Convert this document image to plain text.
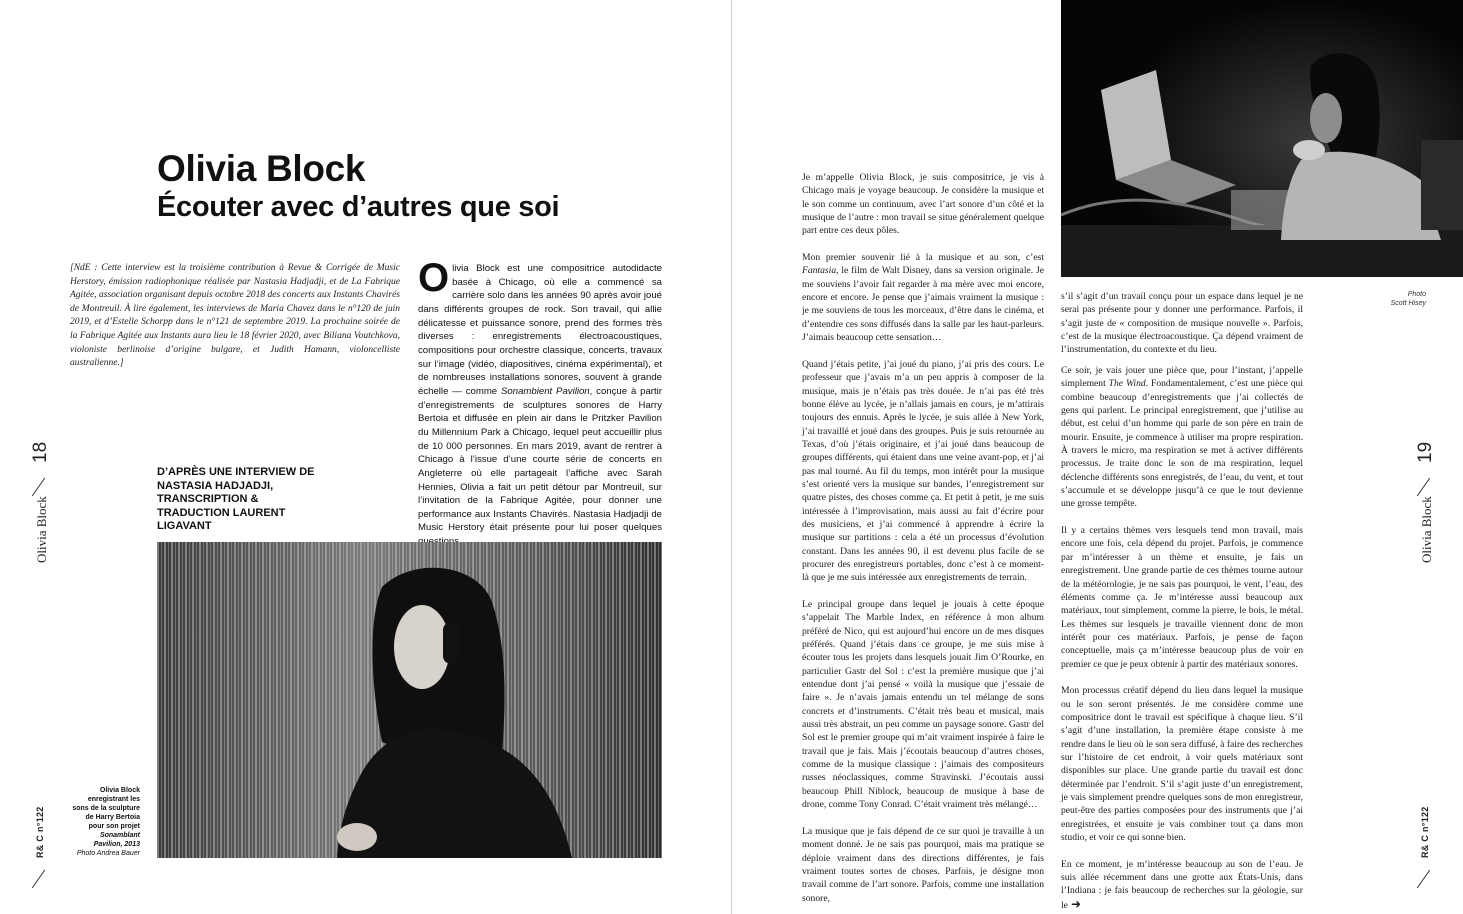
18
Olivia Block
R& C n°122
Olivia Block
Écouter avec d’autres que soi

[NdE : Cette interview est la troisième contribution à Revue & Corrigée de Music Herstory, émission radiophonique réalisée par Nastasia Hadjadji, et de La Fabrique Agitée, association organisant depuis octobre 2018 des concerts aux Instants Chavirés de Montreuil. À lire également, les interviews de Maria Chavez dans le n°120 de juin 2019, et d’Estelle Schorpp dans le n°121 de septembre 2019. La prochaine soirée de la Fabrique Agitée aux Instants aura lieu le 18 février 2020, avec Biliana Voutchkova, violoniste berlinoise d’origine bulgare, et Judith Hamann, violoncelliste australienne.]

Olivia Block est une compositrice autodidacte basée à Chicago, où elle a commencé sa carrière solo dans les années 90 après avoir joué dans différents groupes de rock. Son travail, qui allie délicatesse et puissance sonore, prend des formes très diverses : enregistrements électroacoustiques, compositions pour orchestre classique, concerts, travaux sur l’image (vidéo, diapositives, cinéma expérimental), et de nombreuses installations sonores, souvent à grande échelle — comme Sonambient Pavilion, conçue à partir d’enregistrements de sculptures sonores de Harry Bertoia et diffusée en plein air dans le Pritzker Pavilion du Millennium Park à Chicago, lequel peut accueillir plus de 10 000 personnes. En mars 2019, avant de rentrer à Chicago à l’issue d’une courte série de concerts en Angleterre où elle partageait l’affiche avec Sarah Hennies, Olivia a fait un petit détour par Montreuil, sur l’invitation de la Fabrique Agitée, pour donner une performance aux Instants Chavirés. Nastasia Hadjadji de Music Herstory était présente pour lui poser quelques
D’APRÈS UNE INTERVIEW DE NASTASIA HADJADJI, TRANSCRIPTION & TRADUCTION LAURENT LIGAVANT
Olivia Block
enregistrant les
sons de la sculpture
de Harry Bertoia
pour son projet
Sonamblant
Pavilion, 2013
Photo Andrea Bauer
Photo
Scott Hisey

Je m’appelle Olivia Block, je suis compositrice, je vis à Chicago mais je voyage beaucoup. Je considère la musique et le son comme un continuum, avec l’art sonore d’un côté et la musique de l’autre : mon travail se situe généralement quelque part entre ces deux pôles.

Mon premier souvenir lié à la musique et au son, c’est Fantasia, le film de Walt Disney, dans sa version originale. Je me souviens l’avoir fait regarder à ma mère avec moi encore, encore et encore. Je pense que j’aimais vraiment la musique : je me souviens de tous les morceaux, d’être dans le cinéma, et d’entendre ces sons diffusés dans la salle par les haut-parleurs. J’aimais beaucoup cette sensation…

Quand j’étais petite, j’ai joué du piano, j’ai pris des cours. Le professeur que j’avais m’a un peu appris à composer de la musique, mais je n’étais pas très douée. Je n’ai pas été très bonne élève au lycée, je n’allais jamais en cours, je m’attirais toujours des ennuis. Après le lycée, je suis allée à New York, j’ai travaillé et joué dans des groupes. Puis je suis retournée au Texas, d’où j’étais originaire, et j’ai joué dans beaucoup de groupes différents, qui étaient dans une veine avant-pop, et j’ai pas mal tourné. Au fil du temps, mon intérêt pour la musique s’est orienté vers la musique sur bandes, l’enregistrement sur quatre pistes, des choses comme ça. Et petit à petit, je me suis intéressée à l’improvisation, mais aussi au fait d’écrire pour des musiciens, et j’ai commencé à apprendre à écrire la musique sur partitions : cela a été un processus d’évolution constant. Dans les années 90, il est devenu plus facile de se procurer des enregistreurs portables, donc c’est à ce moment-là que je me suis intéressée aux enregistrements de terrain.

Le principal groupe dans lequel je jouais à cette époque s’appelait The Marble Index, en référence à mon album préféré de Nico, qui est aujourd’hui encore un de mes disques préférés. Quand j’étais dans ce groupe, je me suis mise à écouter tous les projets dans lesquels jouait Jim O’Rourke, en particulier Gastr del Sol : c’est la première musique que j’ai entendue dont j’ai pensé « voilà la musique que j’essaie de faire ». Je n’avais jamais entendu un tel mélange de sons concrets et d’instruments. C’était très beau et musical, mais aussi très abstrait, un peu comme un paysage sonore. Gastr del Sol est le premier groupe qui m’ait vraiment inspirée à faire le travail que je fais. Mais j’écoutais beaucoup d’autres choses, comme de la musique classique : j’aimais des compositeurs russes néoclassiques, comme Stravinski. J’écoutais aussi beaucoup Phill Niblock, beaucoup de musique à base de drone, comme Tony Conrad. C’était vraiment très mélangé…

La musique que je fais dépend de ce sur quoi je travaille à un moment donné. Je ne sais pas pourquoi, mais ma pratique se déploie vraiment dans des directions différentes, je fais vraiment toutes sortes de choses. Parfois, je désigne mon travail comme de l’art sonore. Parfois, comme une installation sonore,

s’il s’agit d’un travail conçu pour un espace dans lequel je ne serai pas présente pour y donner une performance. Parfois, il s’agit juste de « composition de musique nouvelle ». Parfois, c’est de la musique électroacoustique. Ça dépend vraiment de l’instrumentation, du contexte et du lieu.

Ce soir, je vais jouer une pièce que, pour l’instant, j’appelle simplement The Wind. Fondamentalement, c’est une pièce qui combine beaucoup d’enregistrements que j’ai collectés de gens qui parlent. Le principal enregistrement, que j’utilise au début, est celui d’un homme qui parle de son père en train de mourir. Ensuite, je commence à utiliser ma propre respiration. À travers le micro, ma respiration se met à activer différents processus. Je traite donc le son de ma respiration, lequel déclenche différents sons enregistrés, de l’eau, du vent, et tout s’accumule et se développe jusqu’à ce que le tout devienne une grosse tempête.

Il y a certains thèmes vers lesquels tend mon travail, mais encore une fois, cela dépend du projet. Parfois, je commence par m’intéresser à un thème et ensuite, je fais un enregistrement. Une grande partie de ces thèmes tourne autour de la météorologie, je ne sais pas pourquoi, le vent, l’eau, des éléments comme ça. Je m’intéresse aussi beaucoup aux matériaux, tout simplement, comme la pierre, le bois, le métal. Les thèmes sur lesquels je travaille viennent donc de mon intérêt pour ces matériaux. Parfois, je pense de façon conceptuelle, mais ça m’intéresse beaucoup plus de voir en premier ce que je peux obtenir à partir des matériaux sonores.

Mon processus créatif dépend du lieu dans lequel la musique ou le son seront présentés. Je me considère comme une compositrice dont le travail est spécifique à chaque lieu. S’il s’agit d’une installation, la première étape consiste à me rendre dans le lieu où le son sera diffusé, à faire des recherches sur l’histoire de cet endroit, à voir quels matériaux sont disponibles sur place. Une grande partie du travail est donc déterminée par l’endroit. S’il s’agit juste d’un enregistrement, je vais simplement prendre quelques sons de mon enregistreur, peut-être des parties composées pour des instruments que j’ai enregistrées, et ensuite je vais combiner tout ça dans mon studio, et voir ce qui sonne bien.

En ce moment, je m’intéresse beaucoup au son de l’eau. Je suis allée récemment dans une grotte aux États-Unis, dans l’Indiana : je fais beaucoup de recherches sur la géologie, sur le ➜

19
Olivia Block
R& C n°122
